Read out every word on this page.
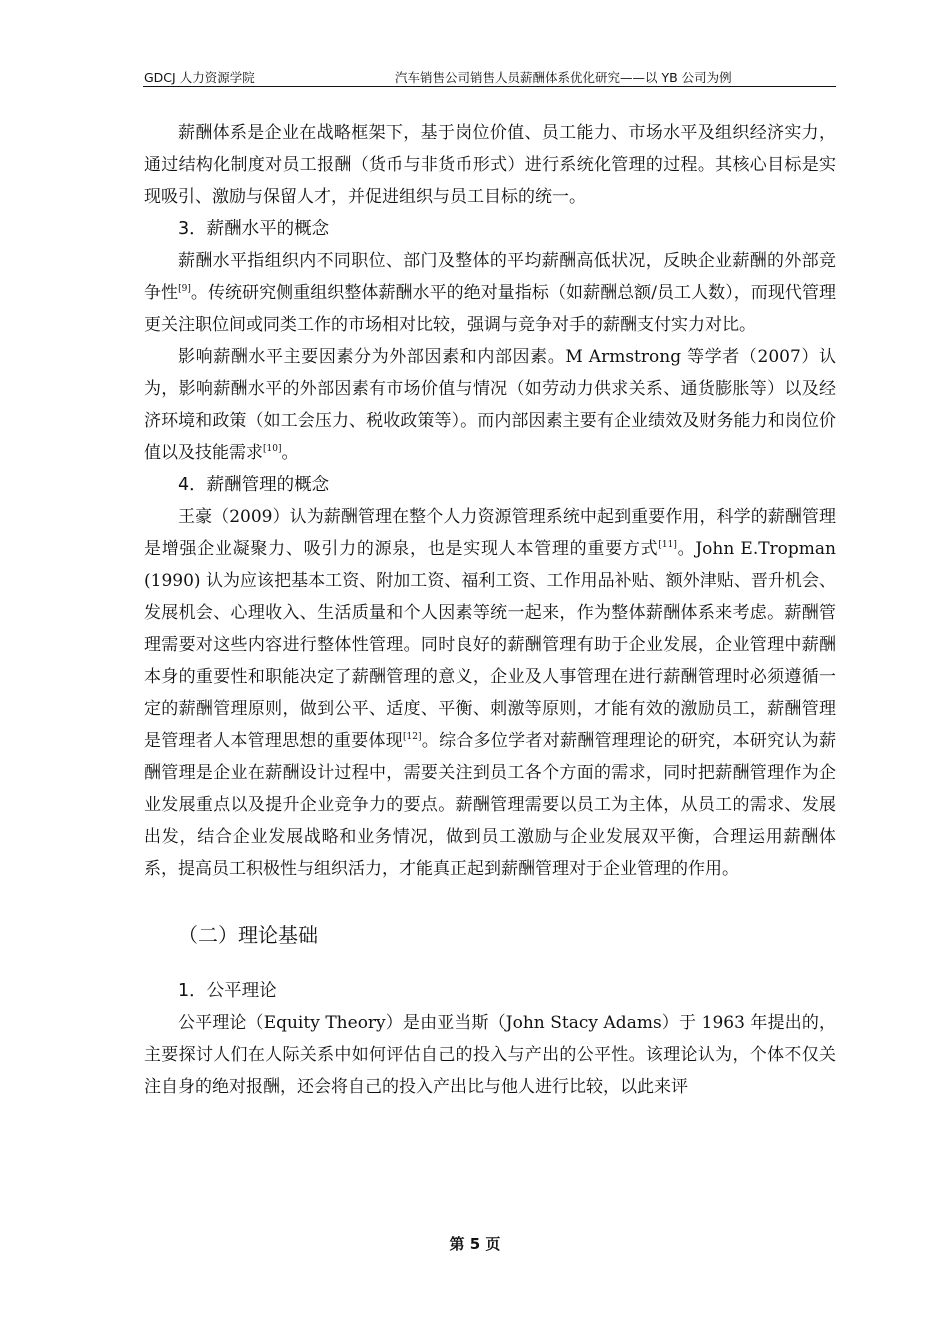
GDCJ 人力资源学院	汽车销售公司销售人员薪酬体系优化研究——以 YB 公司为例

薪酬体系是企业在战略框架下，基于岗位价值、员工能力、市场水平及组织经济实力，通过结构化制度对员工报酬（货币与非货币形式）进行系统化管理的过程。其核心目标是实现吸引、激励与保留人才，并促进组织与员工目标的统一。

3．薪酬水平的概念

薪酬水平指组织内不同职位、部门及整体的平均薪酬高低状况，反映企业薪酬的外部竞争性[9]。传统研究侧重组织整体薪酬水平的绝对量指标（如薪酬总额/员工人数），而现代管理更关注职位间或同类工作的市场相对比较，强调与竞争对手的薪酬支付实力对比。

影响薪酬水平主要因素分为外部因素和内部因素。M Armstrong 等学者（2007）认为，影响薪酬水平的外部因素有市场价值与情况（如劳动力供求关系、通货膨胀等）以及经济环境和政策（如工会压力、税收政策等）。而内部因素主要有企业绩效及财务能力和岗位价值以及技能需求[10]。

4．薪酬管理的概念

王豪（2009）认为薪酬管理在整个人力资源管理系统中起到重要作用，科学的薪酬管理是增强企业凝聚力、吸引力的源泉，也是实现人本管理的重要方式[11]。John E.Tropman (1990) 认为应该把基本工资、附加工资、福利工资、工作用品补贴、额外津贴、晋升机会、发展机会、心理收入、生活质量和个人因素等统一起来，作为整体薪酬体系来考虑。薪酬管理需要对这些内容进行整体性管理。同时良好的薪酬管理有助于企业发展，企业管理中薪酬本身的重要性和职能决定了薪酬管理的意义，企业及人事管理在进行薪酬管理时必须遵循一定的薪酬管理原则，做到公平、适度、平衡、刺激等原则，才能有效的激励员工，薪酬管理是管理者人本管理思想的重要体现[12]。综合多位学者对薪酬管理理论的研究，本研究认为薪酬管理是企业在薪酬设计过程中，需要关注到员工各个方面的需求，同时把薪酬管理作为企业发展重点以及提升企业竞争力的要点。薪酬管理需要以员工为主体，从员工的需求、发展出发，结合企业发展战略和业务情况，做到员工激励与企业发展双平衡，合理运用薪酬体系，提高员工积极性与组织活力，才能真正起到薪酬管理对于企业管理的作用。

（二）理论基础

1．公平理论

公平理论（Equity Theory）是由亚当斯（John Stacy Adams）于 1963 年提出的，主要探讨人们在人际关系中如何评估自己的投入与产出的公平性。该理论认为，个体不仅关注自身的绝对报酬，还会将自己的投入产出比与他人进行比较，以此来评

第 5 页
